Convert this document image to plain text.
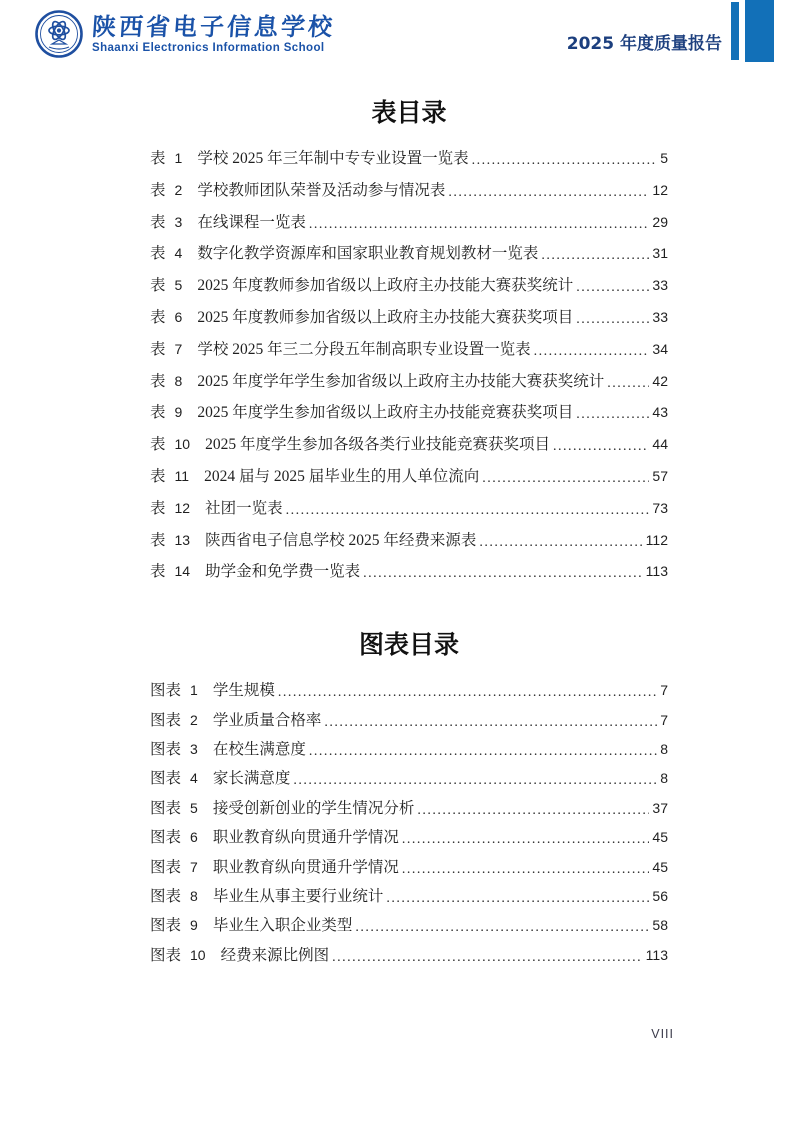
陕西省电子信息学校
Shaanxi Electronics Information School	2025 年度质量报告
表目录
表 1 学校 2025 年三年制中专专业设置一览表 .....	5
表 2 学校教师团队荣誉及活动参与情况表 .....	12
表 3 在线课程一览表 .....	29
表 4 数字化教学资源库和国家职业教育规划教材一览表 .....	31
表 5 2025 年度教师参加省级以上政府主办技能大赛获奖统计 .....	33
表 6 2025 年度教师参加省级以上政府主办技能大赛获奖项目 .....	33
表 7 学校 2025 年三二分段五年制高职专业设置一览表 .....	34
表 8 2025 年度学年学生参加省级以上政府主办技能大赛获奖统计 .....	42
表 9 2025 年度学生参加省级以上政府主办技能竞赛获奖项目 .....	43
表 10 2025 年度学生参加各级各类行业技能竞赛获奖项目 .....	44
表 11 2024 届与 2025 届毕业生的用人单位流向 .....	57
表 12 社团一览表 .....	73
表 13 陕西省电子信息学校 2025 年经费来源表 .....	112
表 14 助学金和免学费一览表 .....	113
图表目录
图表 1 学生规模 .....	7
图表 2 学业质量合格率 .....	7
图表 3 在校生满意度 .....	8
图表 4 家长满意度 .....	8
图表 5 接受创新创业的学生情况分析 .....	37
图表 6 职业教育纵向贯通升学情况 .....	45
图表 7 职业教育纵向贯通升学情况 .....	45
图表 8 毕业生从事主要行业统计 .....	56
图表 9 毕业生入职企业类型 .....	58
图表 10 经费来源比例图 .....	113
VIII
